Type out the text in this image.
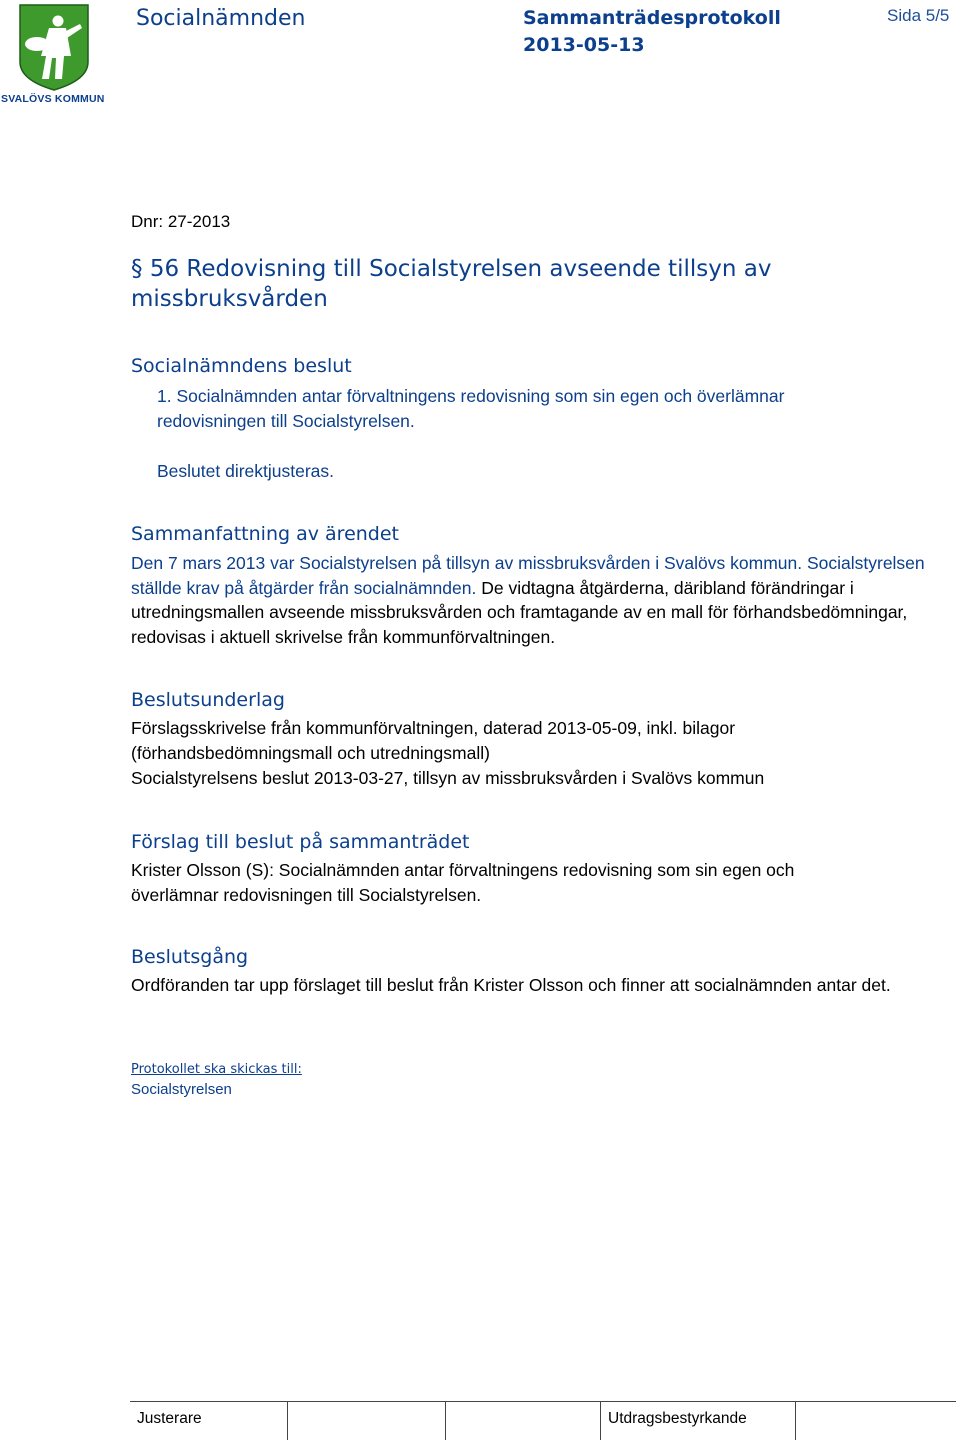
SVALÖVS KOMMUN
Socialnämnden	Sammanträdesprotokoll
2013-05-13
Sida 5/5
Dnr: 27-2013
§ 56 Redovisning till Socialstyrelsen avseende tillsyn av missbruksvården
Socialnämndens beslut
1. Socialnämnden antar förvaltningens redovisning som sin egen och överlämnar redovisningen till Socialstyrelsen.
Beslutet direktjusteras.
Sammanfattning av ärendet
Den 7 mars 2013 var Socialstyrelsen på tillsyn av missbruksvården i Svalövs kommun. Socialstyrelsen ställde krav på åtgärder från socialnämnden. De vidtagna åtgärderna, däribland förändringar i utredningsmallen avseende missbruksvården och framtagande av en mall för förhandsbedömningar, redovisas i aktuell skrivelse från kommunförvaltningen.
Beslutsunderlag
Förslagsskrivelse från kommunförvaltningen, daterad 2013-05-09, inkl. bilagor (förhandsbedömningsmall och utredningsmall)
Socialstyrelsens beslut 2013-03-27, tillsyn av missbruksvården i Svalövs kommun
Förslag till beslut på sammanträdet
Krister Olsson (S): Socialnämnden antar förvaltningens redovisning som sin egen och överlämnar redovisningen till Socialstyrelsen.
Beslutsgång
Ordföranden tar upp förslaget till beslut från Krister Olsson och finner att socialnämnden antar det.
Protokollet ska skickas till:
Socialstyrelsen
Justerare	Utdragsbestyrkande
